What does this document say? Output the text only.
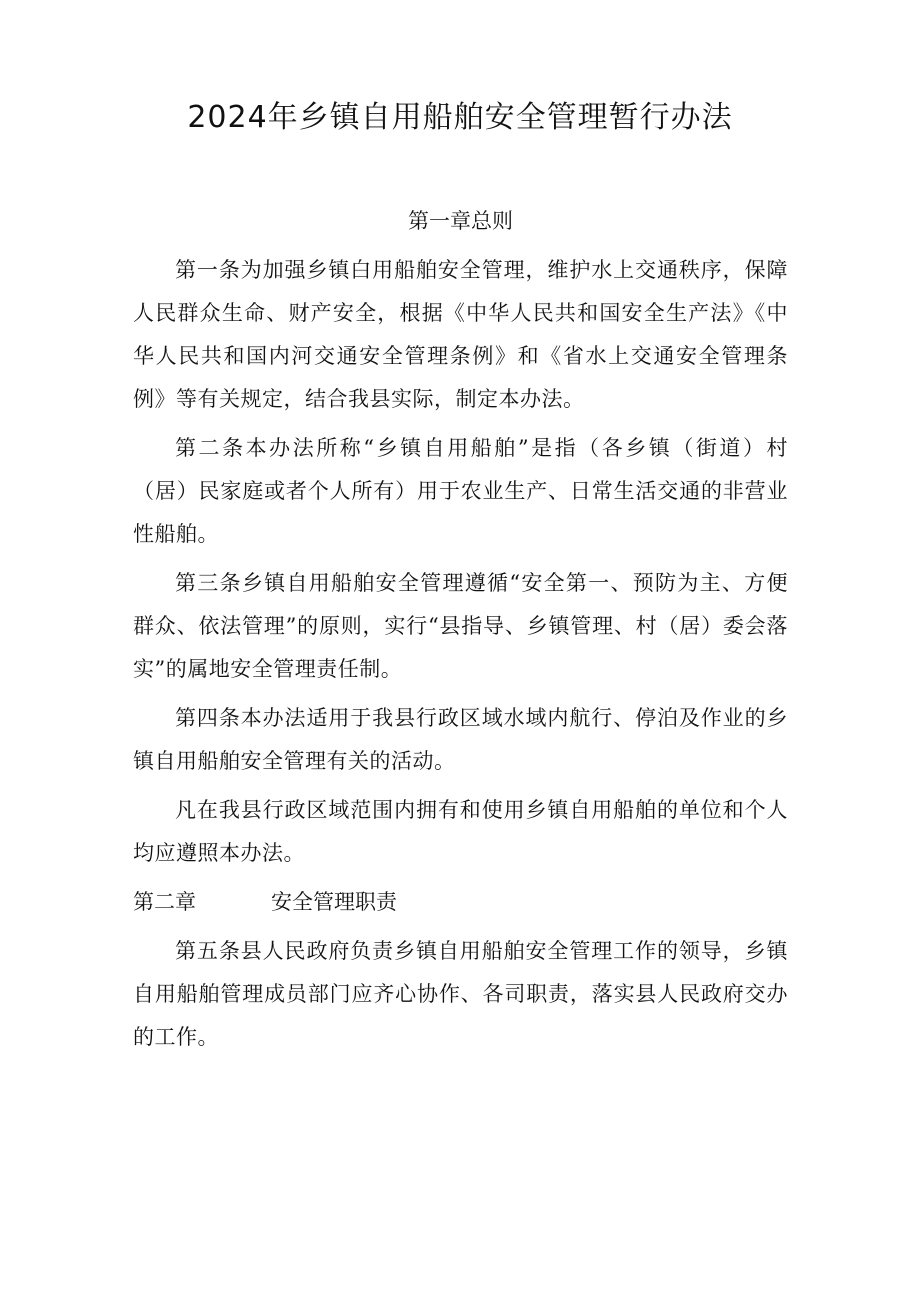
2024年乡镇自用船舶安全管理暂行办法
第一章总则

第一条为加强乡镇白用船舶安全管理，维护水上交通秩序，保障人民群众生命、财产安全，根据《中华人民共和国安全生产法》《中华人民共和国内河交通安全管理条例》和《省水上交通安全管理条例》等有关规定，结合我县实际，制定本办法。

第二条本办法所称“乡镇自用船舶”是指（各乡镇（街道）村（居）民家庭或者个人所有）用于农业生产、日常生活交通的非营业性船舶。

第三条乡镇自用船舶安全管理遵循“安全第一、预防为主、方便群众、依法管理”的原则，实行“县指导、乡镇管理、村（居）委会落实”的属地安全管理责任制。

第四条本办法适用于我县行政区域水域内航行、停泊及作业的乡镇自用船舶安全管理有关的活动。

凡在我县行政区域范围内拥有和使用乡镇自用船舶的单位和个人均应遵照本办法。

第二章	安全管理职责

第五条县人民政府负责乡镇自用船舶安全管理工作的领导，乡镇自用船舶管理成员部门应齐心协作、各司职责，落实县人民政府交办的工作。
